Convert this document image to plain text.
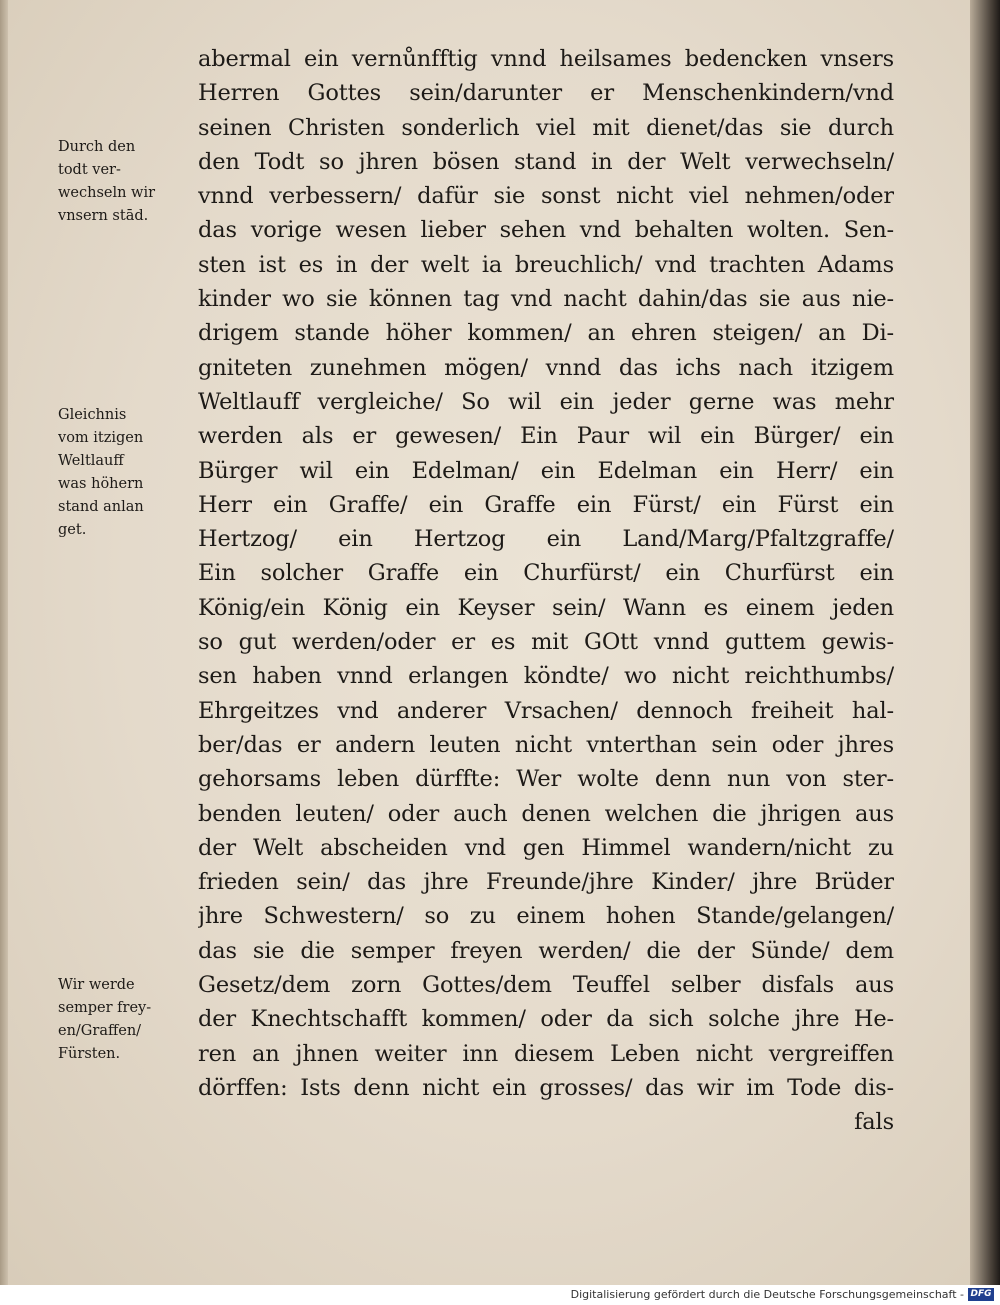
Durch den
todt ver-
wechseln wir
vnsern stād.
Gleichnis
vom itzigen
Weltlauff
was höhern
stand anlan
get.
Wir werde
semper frey-
en/Graffen/
Fürsten.
abermal ein vernůnfftig vnnd heilsames bedencken vnsers
Herren Gottes sein/darunter er Menschenkindern/vnd
seinen Christen sonderlich viel mit dienet/das sie durch
den Todt so jhren bösen stand in der Welt verwechseln/
vnnd verbessern/ dafür sie sonst nicht viel nehmen/oder
das vorige wesen lieber sehen vnd behalten wolten. Sen-
sten ist es in der welt ia breuchlich/ vnd trachten Adams
kinder wo sie können tag vnd nacht dahin/das sie aus nie-
drigem stande höher kommen/ an ehren steigen/ an Di-
gniteten zunehmen mögen/ vnnd das ichs nach itzigem
Weltlauff vergleiche/ So wil ein jeder gerne was mehr
werden als er gewesen/ Ein Paur wil ein Bürger/ ein
Bürger wil ein Edelman/ ein Edelman ein Herr/ ein
Herr ein Graffe/ ein Graffe ein Fürst/ ein Fürst ein
Hertzog/ ein Hertzog ein Land/Marg/Pfaltzgraffe/
Ein solcher Graffe ein Churfürst/ ein Churfürst ein
König/ein König ein Keyser sein/ Wann es einem jeden
so gut werden/oder er es mit GOtt vnnd guttem gewis-
sen haben vnnd erlangen köndte/ wo nicht reichthumbs/
Ehrgeitzes vnd anderer Vrsachen/ dennoch freiheit hal-
ber/das er andern leuten nicht vnterthan sein oder jhres
gehorsams leben dürffte: Wer wolte denn nun von ster-
benden leuten/ oder auch denen welchen die jhrigen aus
der Welt abscheiden vnd gen Himmel wandern/nicht zu
frieden sein/ das jhre Freunde/jhre Kinder/ jhre Brüder
jhre Schwestern/ so zu einem hohen Stande/gelangen/
das sie die semper freyen werden/ die der Sünde/ dem
Gesetz/dem zorn Gottes/dem Teuffel selber disfals aus
der Knechtschafft kommen/ oder da sich solche jhre He-
ren an jhnen weiter inn diesem Leben nicht vergreiffen
dörffen: Ists denn nicht ein grosses/ das wir im Tode dis-
fals
Digitalisierung gefördert durch die Deutsche Forschungsgemeinschaft - DFG
